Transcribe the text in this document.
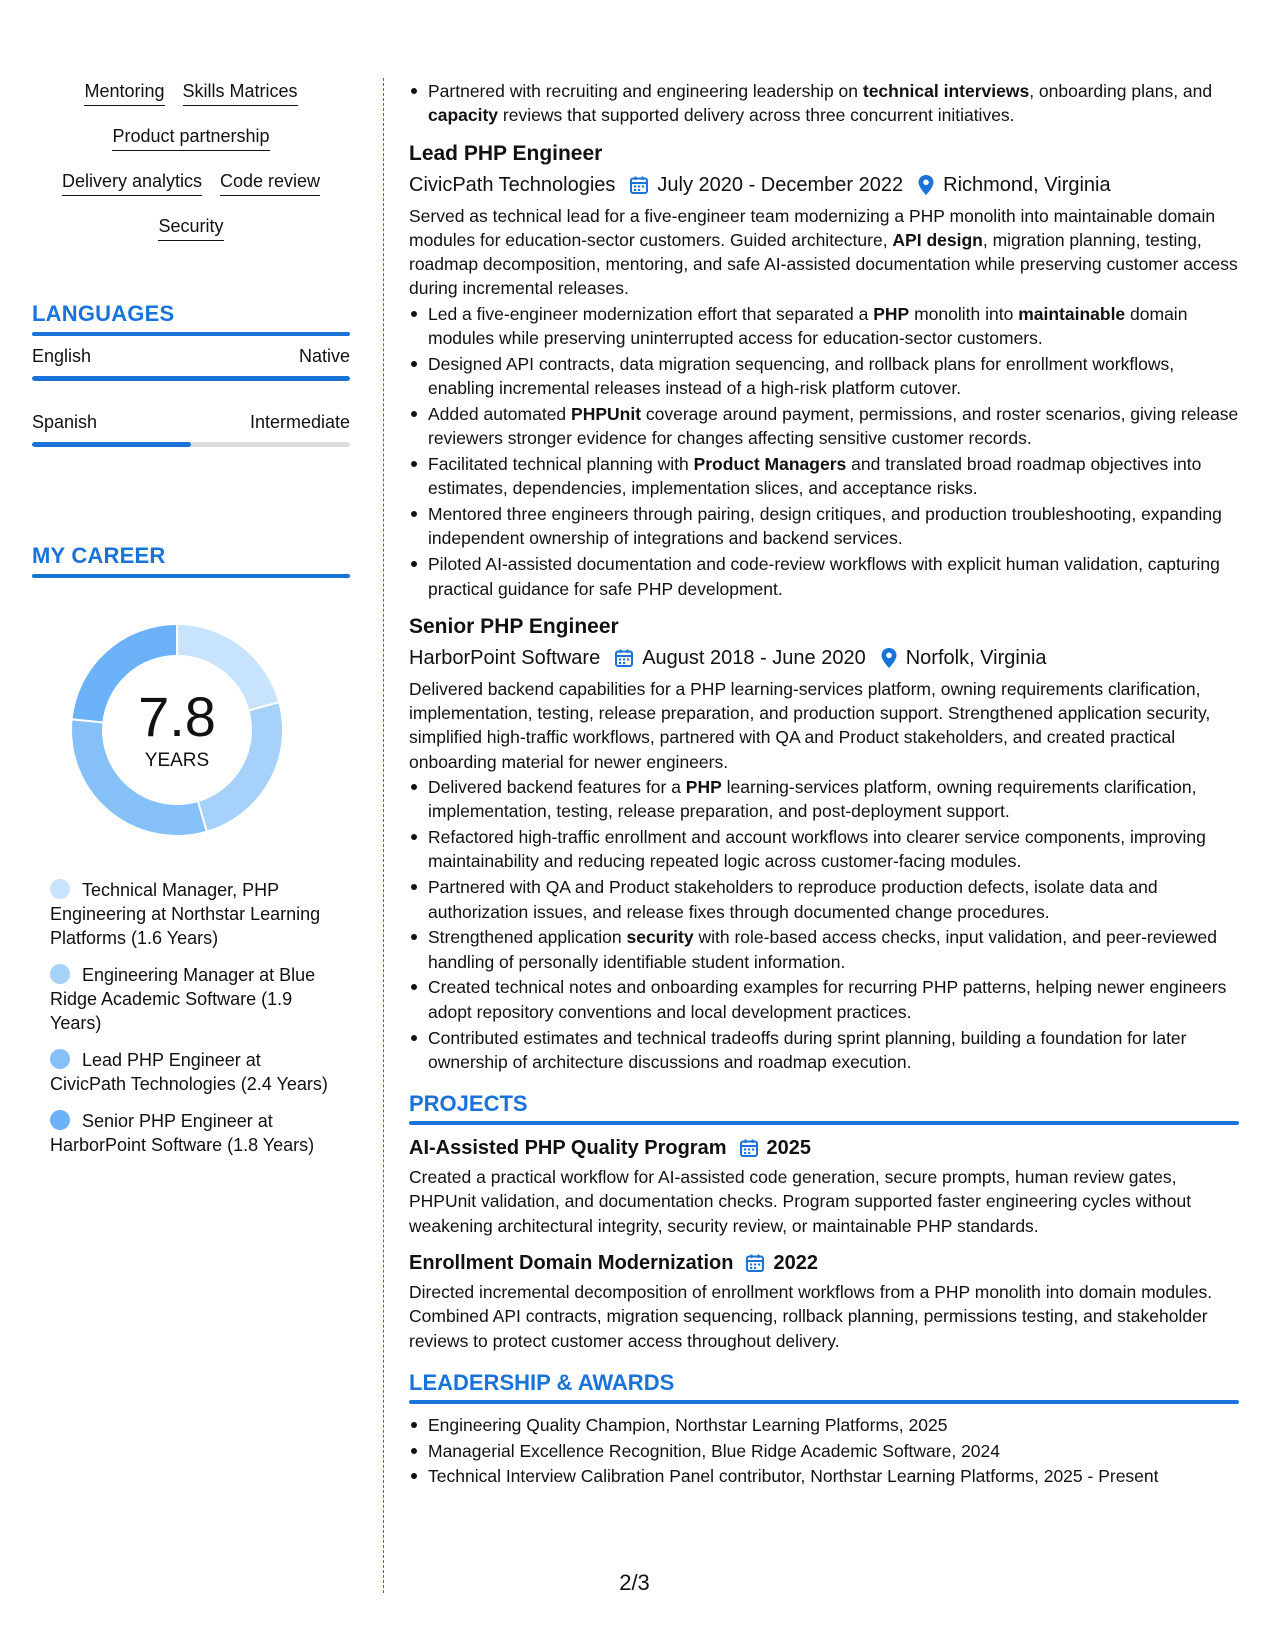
Mentoring Skills Matrices
Product partnership
Delivery analytics Code review
Security
LANGUAGES
English	Native
Spanish	Intermediate
MY CAREER
7.8
YEARS
Technical Manager, PHP Engineering at Northstar Learning Platforms (1.6 Years)
Engineering Manager at Blue Ridge Academic Software (1.9 Years)
Lead PHP Engineer at CivicPath Technologies (2.4 Years)
Senior PHP Engineer at HarborPoint Software (1.8 Years)
Partnered with recruiting and engineering leadership on technical interviews, onboarding plans, and capacity reviews that supported delivery across three concurrent initiatives.
Lead PHP Engineer
CivicPath Technologies July 2020 - December 2022 Richmond, Virginia
Served as technical lead for a five-engineer team modernizing a PHP monolith into maintainable domain modules for education-sector customers. Guided architecture, API design, migration planning, testing, roadmap decomposition, mentoring, and safe AI-assisted documentation while preserving customer access during incremental releases.
Led a five-engineer modernization effort that separated a PHP monolith into maintainable domain modules while preserving uninterrupted access for education-sector customers.
Designed API contracts, data migration sequencing, and rollback plans for enrollment workflows, enabling incremental releases instead of a high-risk platform cutover.
Added automated PHPUnit coverage around payment, permissions, and roster scenarios, giving release reviewers stronger evidence for changes affecting sensitive customer records.
Facilitated technical planning with Product Managers and translated broad roadmap objectives into estimates, dependencies, implementation slices, and acceptance risks.
Mentored three engineers through pairing, design critiques, and production troubleshooting, expanding independent ownership of integrations and backend services.
Piloted AI-assisted documentation and code-review workflows with explicit human validation, capturing practical guidance for safe PHP development.
Senior PHP Engineer
HarborPoint Software August 2018 - June 2020 Norfolk, Virginia
Delivered backend capabilities for a PHP learning-services platform, owning requirements clarification, implementation, testing, release preparation, and production support. Strengthened application security, simplified high-traffic workflows, partnered with QA and Product stakeholders, and created practical onboarding material for newer engineers.
Delivered backend features for a PHP learning-services platform, owning requirements clarification, implementation, testing, release preparation, and post-deployment support.
Refactored high-traffic enrollment and account workflows into clearer service components, improving maintainability and reducing repeated logic across customer-facing modules.
Partnered with QA and Product stakeholders to reproduce production defects, isolate data and authorization issues, and release fixes through documented change procedures.
Strengthened application security with role-based access checks, input validation, and peer-reviewed handling of personally identifiable student information.
Created technical notes and onboarding examples for recurring PHP patterns, helping newer engineers adopt repository conventions and local development practices.
Contributed estimates and technical tradeoffs during sprint planning, building a foundation for later ownership of architecture discussions and roadmap execution.
PROJECTS
AI-Assisted PHP Quality Program 2025
Created a practical workflow for AI-assisted code generation, secure prompts, human review gates, PHPUnit validation, and documentation checks. Program supported faster engineering cycles without weakening architectural integrity, security review, or maintainable PHP standards.
Enrollment Domain Modernization 2022
Directed incremental decomposition of enrollment workflows from a PHP monolith into domain modules. Combined API contracts, migration sequencing, rollback planning, permissions testing, and stakeholder reviews to protect customer access throughout delivery.
LEADERSHIP & AWARDS
Engineering Quality Champion, Northstar Learning Platforms, 2025
Managerial Excellence Recognition, Blue Ridge Academic Software, 2024
Technical Interview Calibration Panel contributor, Northstar Learning Platforms, 2025 - Present
2/3
